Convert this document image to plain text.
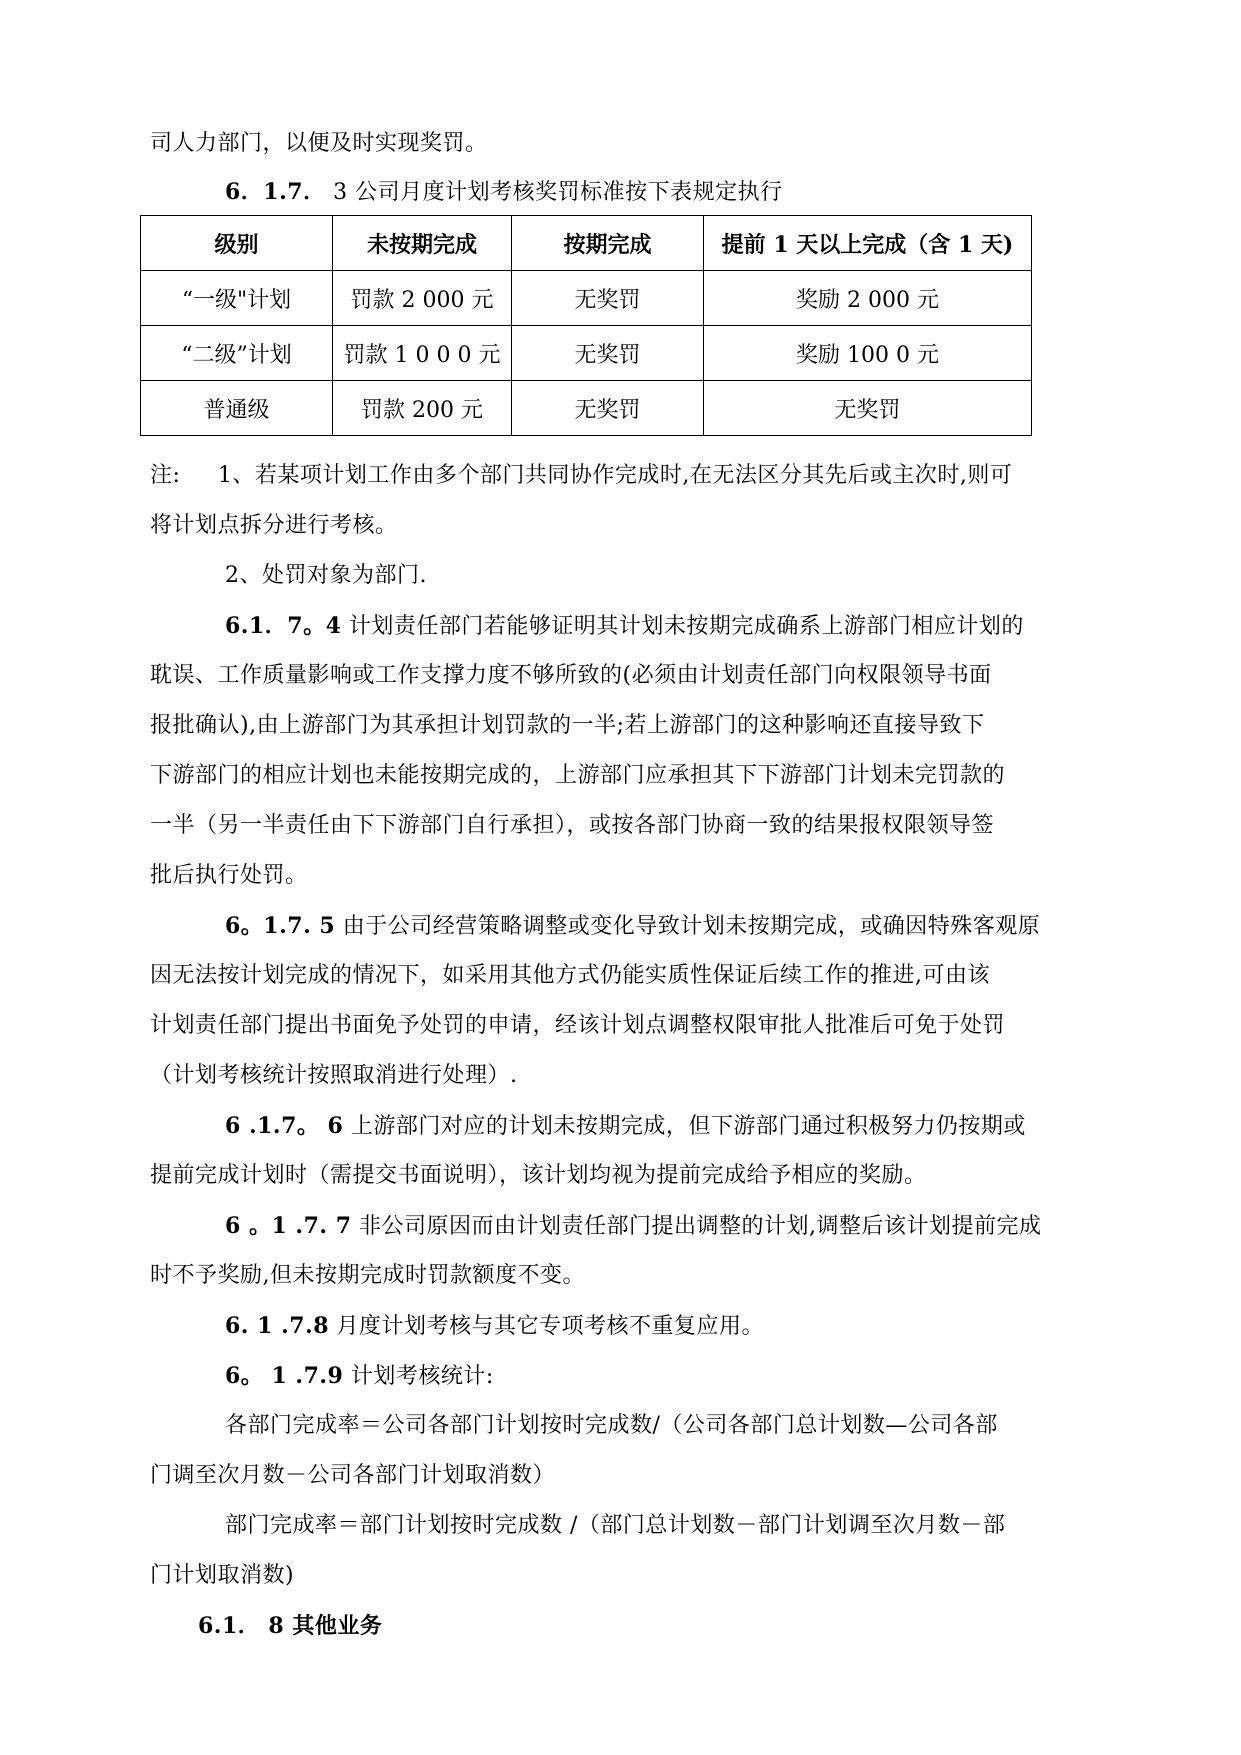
司人力部门，以便及时实现奖罚。
6．1.7． 3 公司月度计划考核奖罚标准按下表规定执行
级别	未按期完成	按期完成	提前 1 天以上完成（含 1 天)
“一级"计划	罚款 2 000 元	无奖罚	奖励 2 000 元
“二级”计划	罚款 1 0 0 0 元	无奖罚	奖励 100 0 元
普通级	罚款 200 元	无奖罚	无奖罚
注:     1、若某项计划工作由多个部门共同协作完成时,在无法区分其先后或主次时,则可
将计划点拆分进行考核。
2、处罚对象为部门.
6.1．7。4 计划责任部门若能够证明其计划未按期完成确系上游部门相应计划的
耽误、工作质量影响或工作支撑力度不够所致的(必须由计划责任部门向权限领导书面
报批确认),由上游部门为其承担计划罚款的一半;若上游部门的这种影响还直接导致下
下游部门的相应计划也未能按期完成的，上游部门应承担其下下游部门计划未完罚款的
一半（另一半责任由下下游部门自行承担），或按各部门协商一致的结果报权限领导签
批后执行处罚。
6。1.7. 5 由于公司经营策略调整或变化导致计划未按期完成，或确因特殊客观原
因无法按计划完成的情况下，如采用其他方式仍能实质性保证后续工作的推进,可由该
计划责任部门提出书面免予处罚的申请，经该计划点调整权限审批人批准后可免于处罚
（计划考核统计按照取消进行处理）.
6 .1.7。 6 上游部门对应的计划未按期完成，但下游部门通过积极努力仍按期或
提前完成计划时（需提交书面说明），该计划均视为提前完成给予相应的奖励。
6 。1 .7. 7 非公司原因而由计划责任部门提出调整的计划,调整后该计划提前完成
时不予奖励,但未按期完成时罚款额度不变。
6. 1 .7.8 月度计划考核与其它专项考核不重复应用。
6。 1 .7.9 计划考核统计:
各部门完成率＝公司各部门计划按时完成数/（公司各部门总计划数—公司各部
门调至次月数－公司各部门计划取消数）
部门完成率＝部门计划按时完成数 /（部门总计划数－部门计划调至次月数－部
门计划取消数)
6.1． 8 其他业务
